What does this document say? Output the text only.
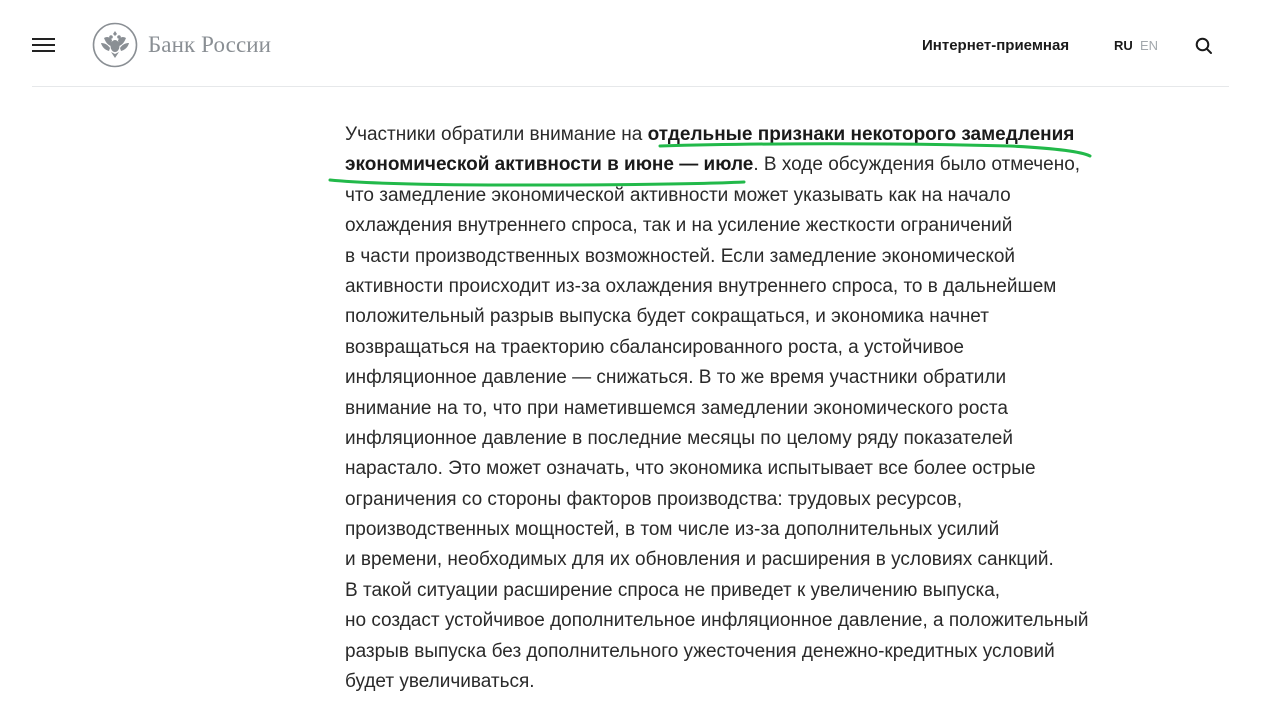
Банк России	Интернет-приемная	RU EN
Участники обратили внимание на отдельные признаки некоторого замедления
экономической активности в июне — июле. В ходе обсуждения было отмечено,
что замедление экономической активности может указывать как на начало
охлаждения внутреннего спроса, так и на усиление жесткости ограничений
в части производственных возможностей. Если замедление экономической
активности происходит из-за охлаждения внутреннего спроса, то в дальнейшем
положительный разрыв выпуска будет сокращаться, и экономика начнет
возвращаться на траекторию сбалансированного роста, а устойчивое
инфляционное давление — снижаться. В то же время участники обратили
внимание на то, что при наметившемся замедлении экономического роста
инфляционное давление в последние месяцы по целому ряду показателей
нарастало. Это может означать, что экономика испытывает все более острые
ограничения со стороны факторов производства: трудовых ресурсов,
производственных мощностей, в том числе из-за дополнительных усилий
и времени, необходимых для их обновления и расширения в условиях санкций.
В такой ситуации расширение спроса не приведет к увеличению выпуска,
но создаст устойчивое дополнительное инфляционное давление, а положительный
разрыв выпуска без дополнительного ужесточения денежно-кредитных условий
будет увеличиваться.
